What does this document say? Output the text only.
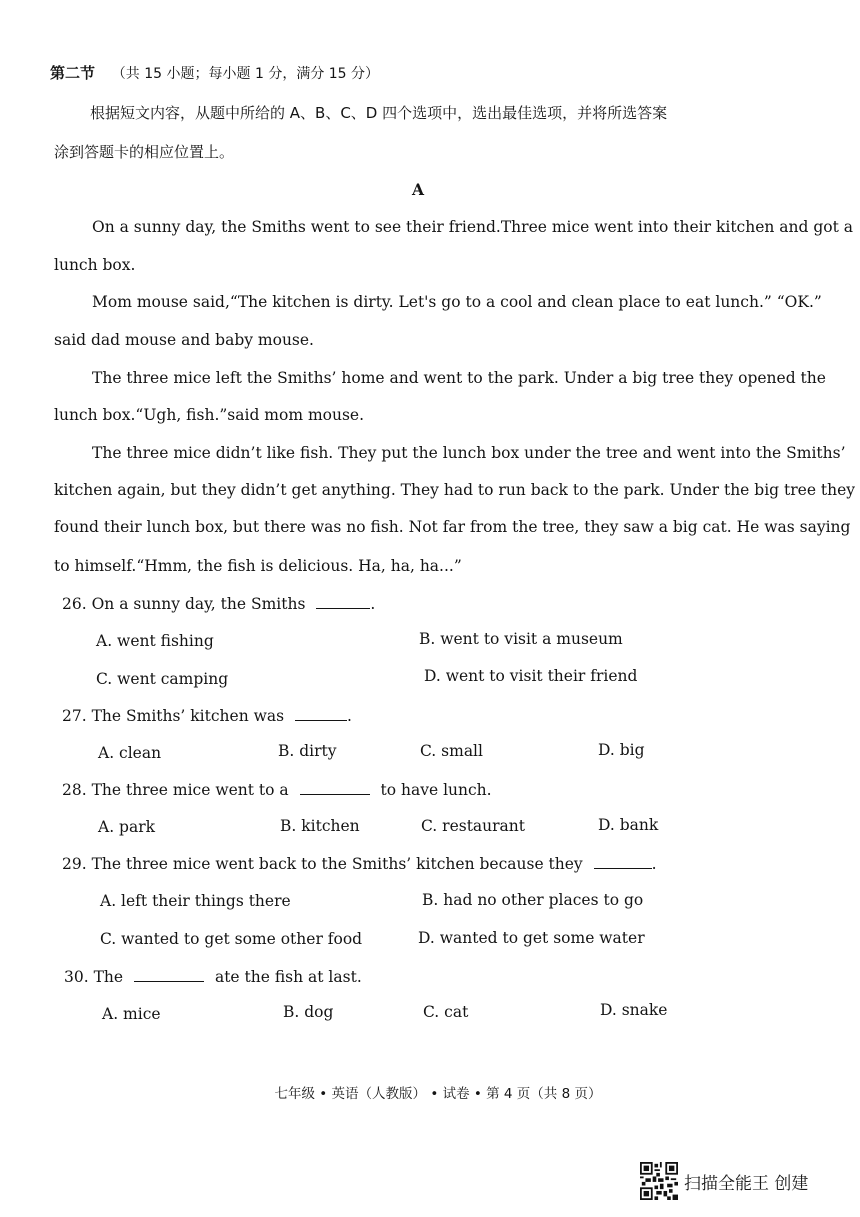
第二节 （共 15 小题；每小题 1 分，满分 15 分）
根据短文内容，从题中所给的 A、B、C、D 四个选项中，选出最佳选项，并将所选答案
涂到答题卡的相应位置上。
A
On a sunny day, the Smiths went to see their friend.Three mice went into their kitchen and got a
lunch box.
Mom mouse said,“The kitchen is dirty. Let's go to a cool and clean place to eat lunch.” “OK.”
said dad mouse and baby mouse.
The three mice left the Smiths’ home and went to the park. Under a big tree they opened the
lunch box.“Ugh, fish.”said mom mouse.
The three mice didn’t like fish. They put the lunch box under the tree and went into the Smiths’
kitchen again, but they didn’t get anything. They had to run back to the park. Under the big tree they
found their lunch box, but there was no fish. Not far from the tree, they saw a big cat. He was saying
to himself.“Hmm, the fish is delicious. Ha, ha, ha...”
26. On a sunny day, the Smiths	.
A. went fishing	B. went to visit a museum
C. went camping	D. went to visit their friend
27. The Smiths’ kitchen was	.
A. clean	B. dirty	C. small	D. big
28. The three mice went to a	to have lunch.
A. park	B. kitchen	C. restaurant	D. bank
29. The three mice went back to the Smiths’ kitchen because they	.
A. left their things there	B. had no other places to go
C. wanted to get some other food	D. wanted to get some water
30. The	ate the fish at last.
A. mice	B. dog	C. cat	D. snake
七年级 • 英语（人教版） • 试卷 • 第 4 页（共 8 页）
扫描全能王 创建
